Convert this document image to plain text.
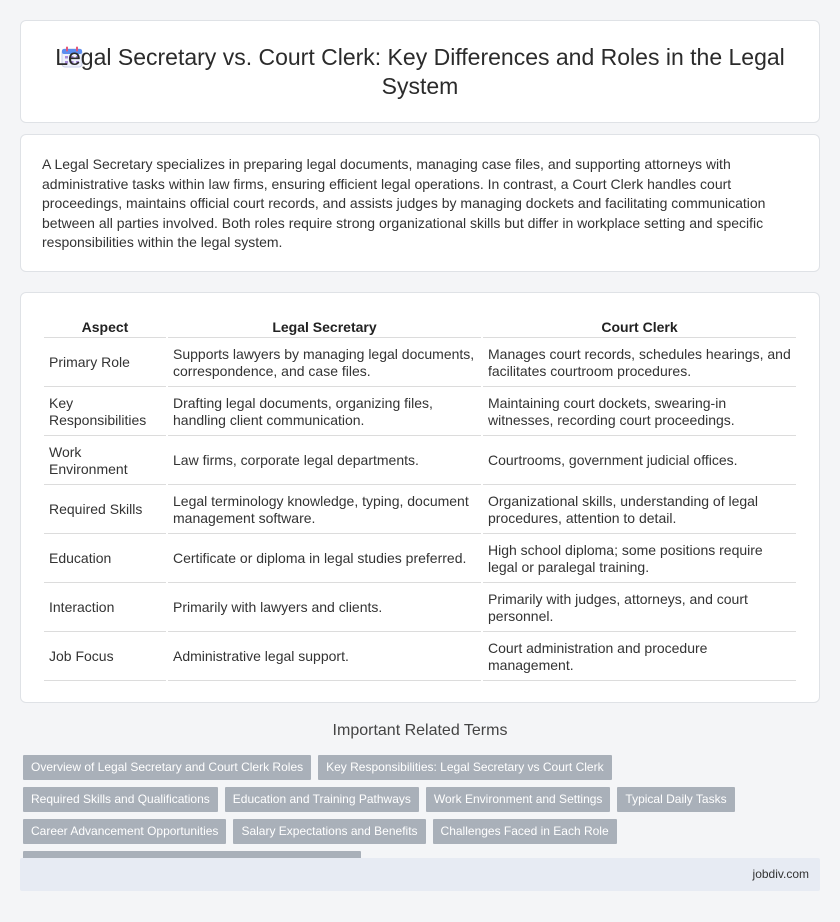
Legal Secretary vs. Court Clerk: Key Differences and Roles in the Legal System

A Legal Secretary specializes in preparing legal documents, managing case files, and supporting attorneys with administrative tasks within law firms, ensuring efficient legal operations. In contrast, a Court Clerk handles court proceedings, maintains official court records, and assists judges by managing dockets and facilitating communication between all parties involved. Both roles require strong organizational skills but differ in workplace setting and specific responsibilities within the legal system.

Aspect	Legal Secretary	Court Clerk
Primary Role	Supports lawyers by managing legal documents, correspondence, and case files.	Manages court records, schedules hearings, and facilitates courtroom procedures.
Key Responsibilities	Drafting legal documents, organizing files, handling client communication.	Maintaining court dockets, swearing-in witnesses, recording court proceedings.
Work Environment	Law firms, corporate legal departments.	Courtrooms, government judicial offices.
Required Skills	Legal terminology knowledge, typing, document management software.	Organizational skills, understanding of legal procedures, attention to detail.
Education	Certificate or diploma in legal studies preferred.	High school diploma; some positions require legal or paralegal training.
Interaction	Primarily with lawyers and clients.	Primarily with judges, attorneys, and court personnel.
Job Focus	Administrative legal support.	Court administration and procedure management.
Important Related Terms
Overview of Legal Secretary and Court Clerk Roles	Key Responsibilities: Legal Secretary vs Court Clerk
Required Skills and Qualifications	Education and Training Pathways	Work Environment and Settings	Typical Daily Tasks
Career Advancement Opportunities	Salary Expectations and Benefits	Challenges Faced in Each Role
jobdiv.com
